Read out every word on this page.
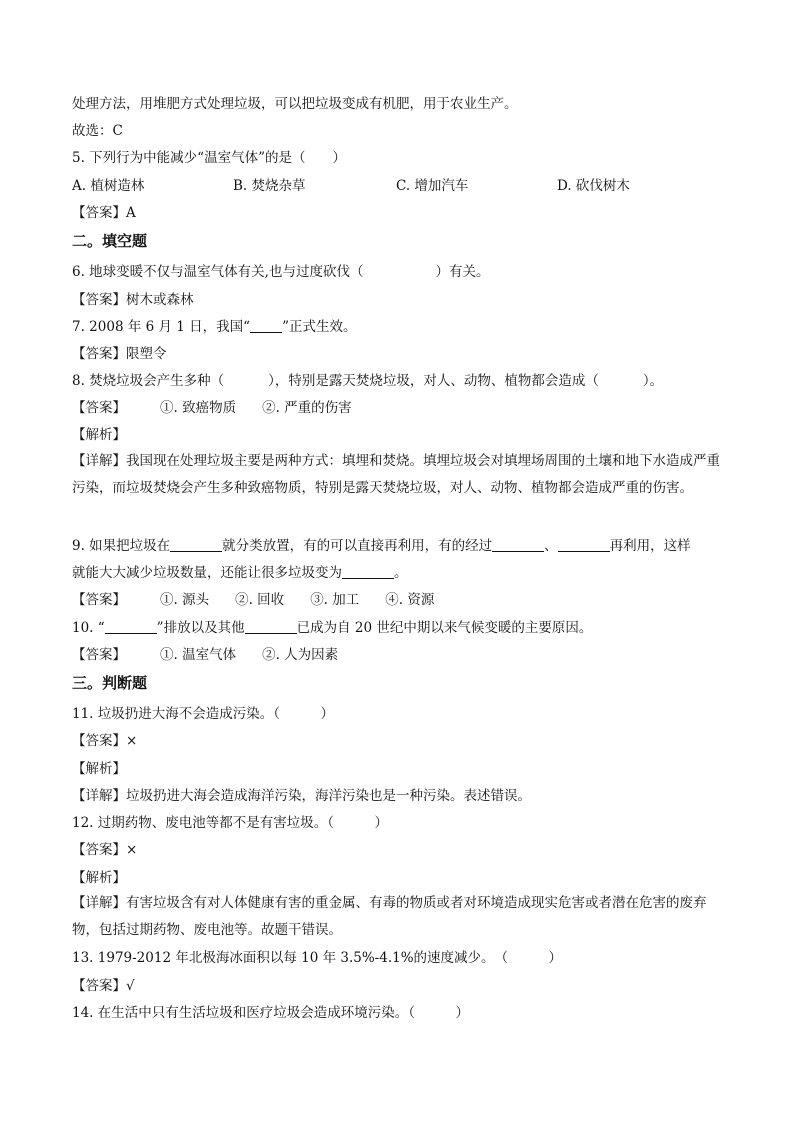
处理方法，用堆肥方式处理垃圾，可以把垃圾变成有机肥，用于农业生产。
故选：C
5. 下列行为中能减少“温室气体”的是（　　）
A. 植树造林	B. 焚烧杂草	C. 增加汽车	D. 砍伐树木
【答案】A
二。填空题
6. 地球变暖不仅与温室气体有关,也与过度砍伐（	）有关。
【答案】树木或森林
7. 2008 年 6 月 1 日，我国“ ”正式生效。
【答案】限塑令
8. 焚烧垃圾会产生多种（	），特别是露天焚烧垃圾，对人、动物、植物都会造成（	）。
【答案】	①. 致癌物质 ②. 严重的伤害
【解析】
【详解】我国现在处理垃圾主要是两种方式：填埋和焚烧。填埋垃圾会对填埋场周围的土壤和地下水造成严重污染，而垃圾焚烧会产生多种致癌物质，特别是露天焚烧垃圾，对人、动物、植物都会造成严重的伤害。
9. 如果把垃圾在	就分类放置，有的可以直接再利用，有的经过	、	再利用，这样
就能大大减少垃圾数量，还能让很多垃圾变为	。
【答案】	①. 源头 ②. 回收 ③. 加工 ④. 资源
10. “	”排放以及其他	已成为自 20 世纪中期以来气候变暖的主要原因。
【答案】	①. 温室气体 ②. 人为因素
三。判断题
11. 垃圾扔进大海不会造成污染。（　　　）
【答案】×
【解析】
【详解】垃圾扔进大海会造成海洋污染，海洋污染也是一种污染。表述错误。
12. 过期药物、废电池等都不是有害垃圾。（　　　）
【答案】×
【解析】
【详解】有害垃圾含有对人体健康有害的重金属、有毒的物质或者对环境造成现实危害或者潜在危害的废弃物，包括过期药物、废电池等。故题干错误。
13. 1979-2012 年北极海冰面积以每 10 年 3.5%-4.1%的速度减少。　（　　　）
【答案】√
14. 在生活中只有生活垃圾和医疗垃圾会造成环境污染。（　　　）
